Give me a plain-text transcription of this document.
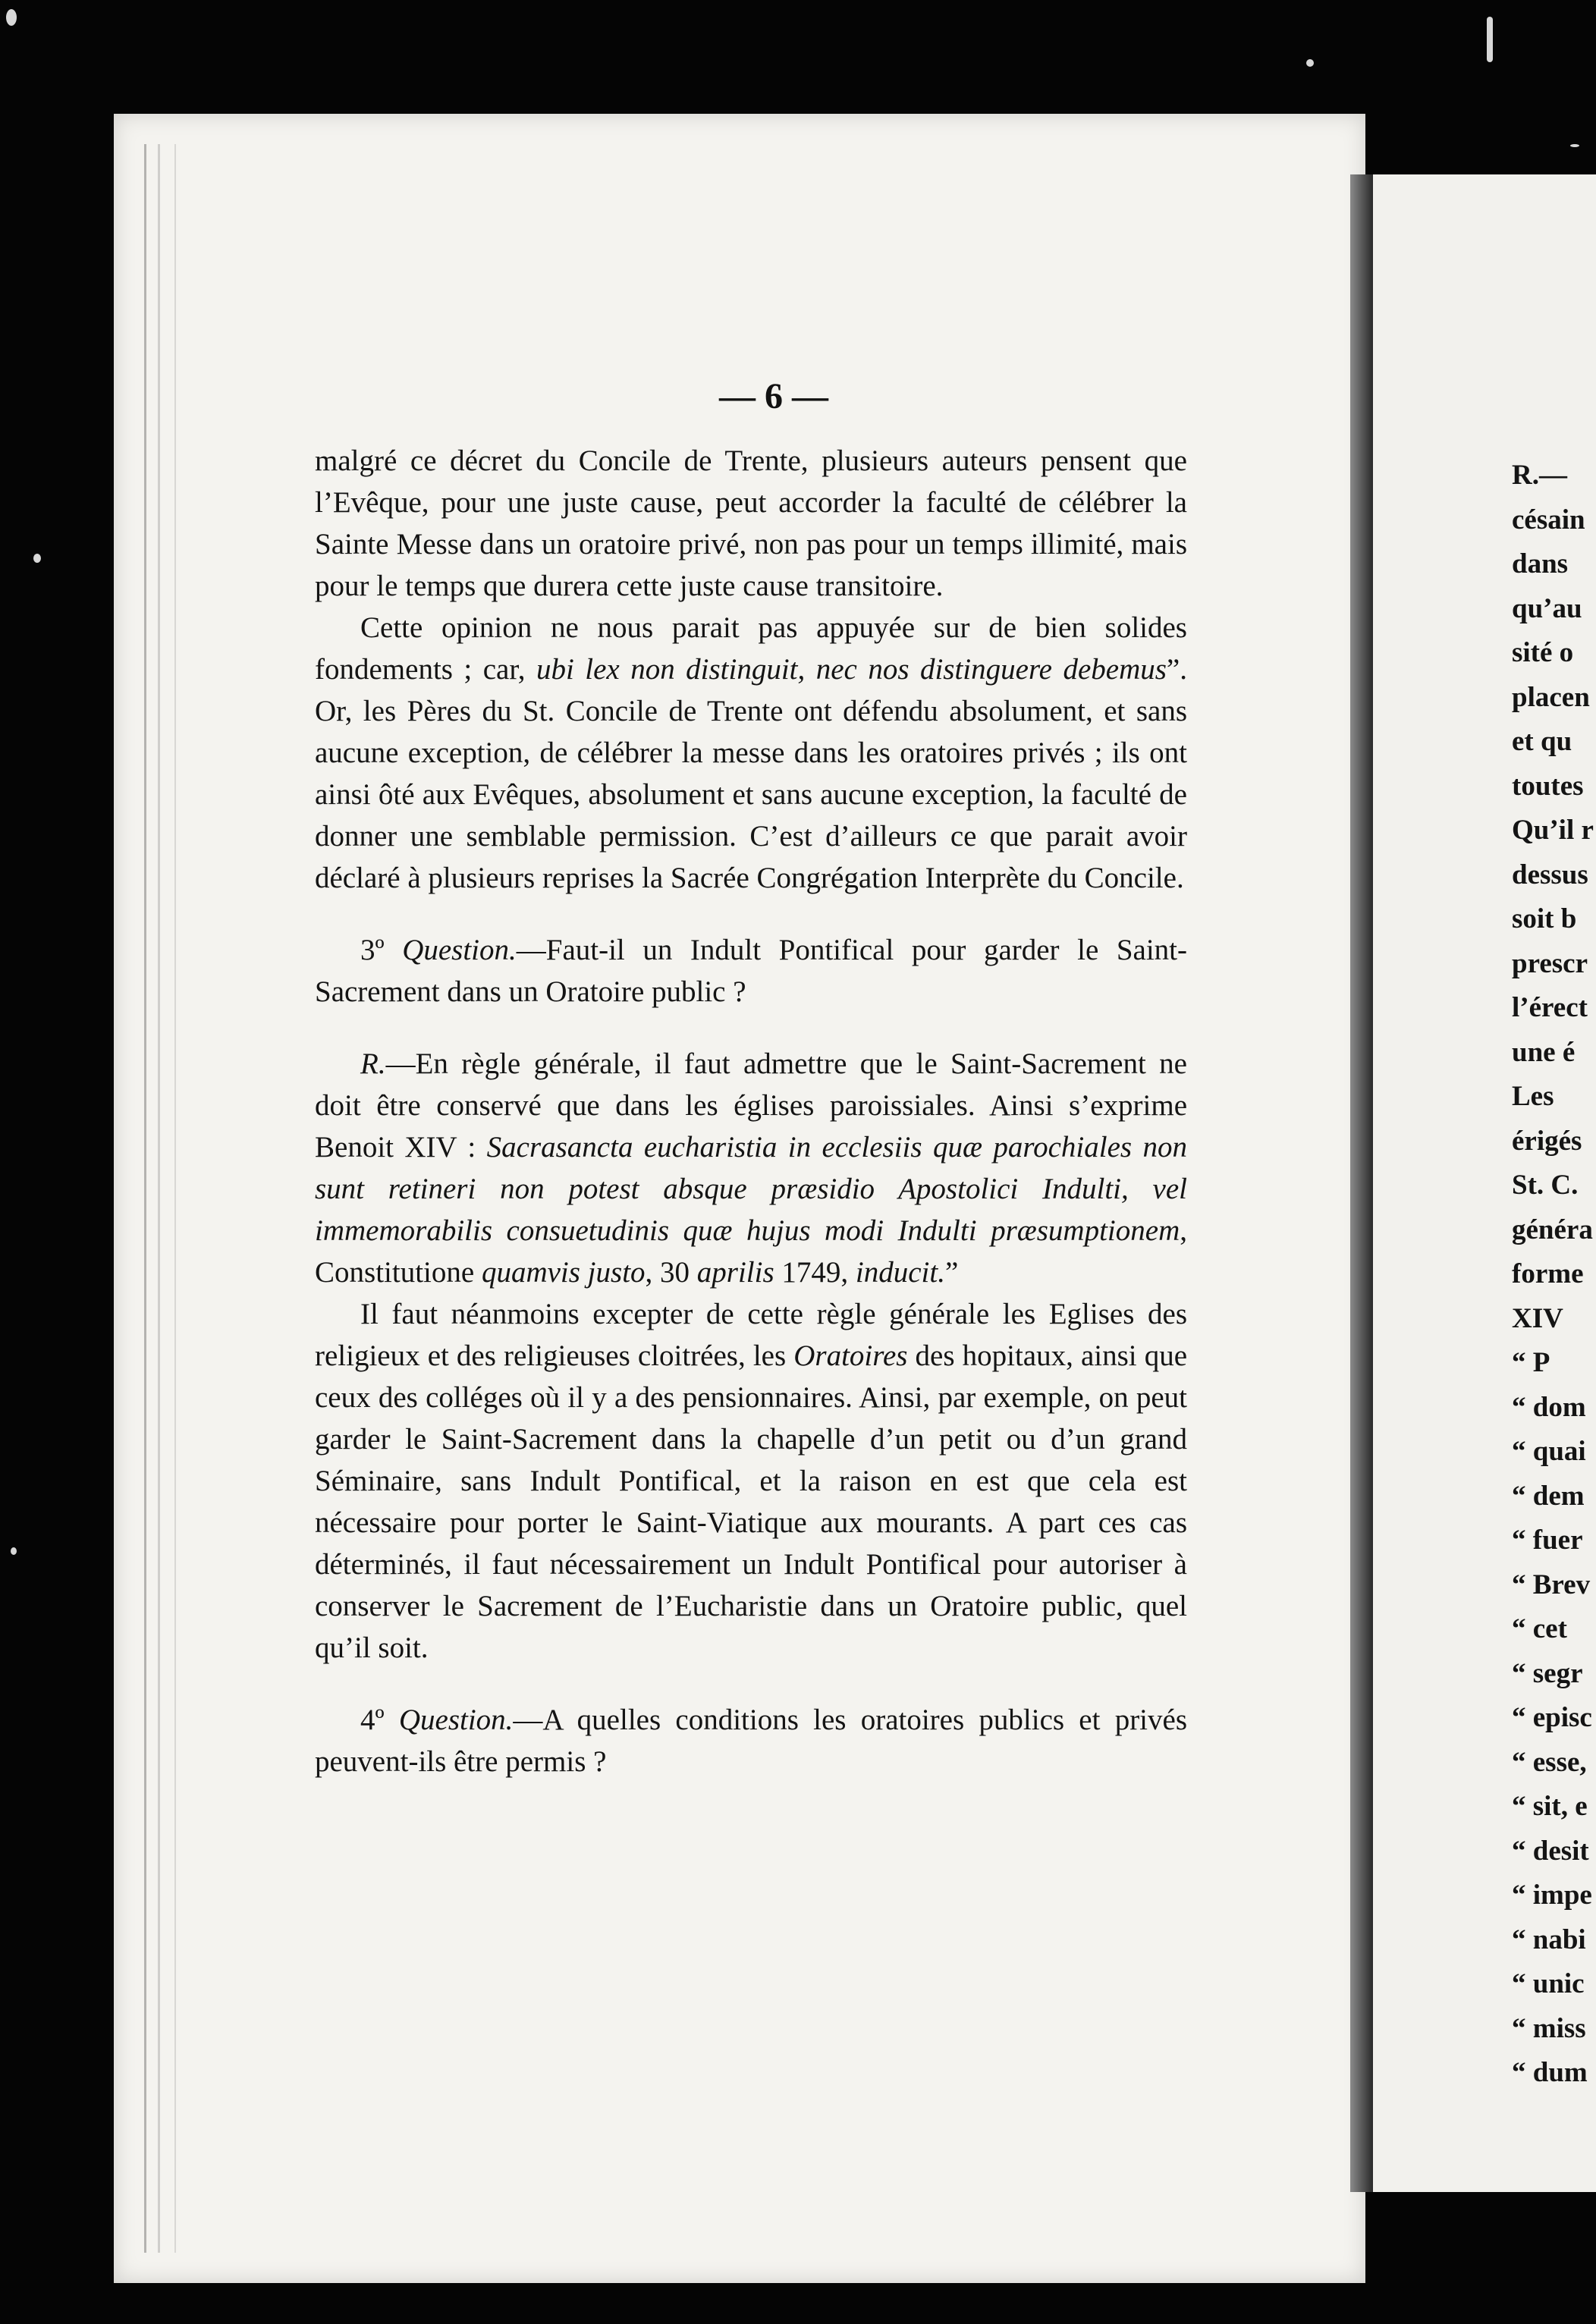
— 6 —

malgré ce décret du Concile de Trente, plusieurs auteurs pensent que l’Evêque, pour une juste cause, peut accorder la faculté de célébrer la Sainte Messe dans un oratoire privé, non pas pour un temps illimité, mais pour le temps que durera cette juste cause transitoire.

Cette opinion ne nous parait pas appuyée sur de bien solides fondements ; car, ubi lex non distinguit, nec nos distinguere debemus”. Or, les Pères du St. Concile de Trente ont défendu absolument, et sans aucune exception, de célébrer la messe dans les oratoires privés ; ils ont ainsi ôté aux Evêques, absolument et sans aucune exception, la faculté de donner une semblable permission. C’est d’ailleurs ce que parait avoir déclaré à plusieurs reprises la Sacrée Congrégation Interprète du Concile.

3º Question.—Faut-il un Indult Pontifical pour garder le Saint-Sacrement dans un Oratoire public ?

R.—En règle générale, il faut admettre que le Saint-Sacrement ne doit être conservé que dans les églises paroissiales. Ainsi s’exprime Benoit XIV : Sacrasancta eucharistia in ecclesiis quæ parochiales non sunt retineri non potest absque præsidio Apostolici Indulti, vel immemorabilis consuetudinis quæ hujus modi Indulti præsumptionem, Constitutione quamvis justo, 30 aprilis 1749, inducit.”

Il faut néanmoins excepter de cette règle générale les Eglises des religieux et des religieuses cloitrées, les Oratoires des hopitaux, ainsi que ceux des colléges où il y a des pensionnaires. Ainsi, par exemple, on peut garder le Saint-Sacrement dans la chapelle d’un petit ou d’un grand Séminaire, sans Indult Pontifical, et la raison en est que cela est nécessaire pour porter le Saint-Viatique aux mourants. A part ces cas déterminés, il faut nécessairement un Indult Pontifical pour autoriser à conserver le Sacrement de l’Eucharistie dans un Oratoire public, quel qu’il soit.

4º Question.—A quelles conditions les oratoires publics et privés peuvent-ils être permis ?

R.—
césain
dans
qu’au
sité o
placen
et qu
toutes
Qu’il r
dessus
soit b
prescr
l’érect
une é
Les
érigés
St. C.
généra
forme
XIV
“ P
“ dom
“ quai
“ dem
“ fuer
“ Brev
“ cet
“ segr
“ episc
“ esse,
“ sit, e
“ desit
“ impe
“ nabi
“ unic
“ miss
“ dum
